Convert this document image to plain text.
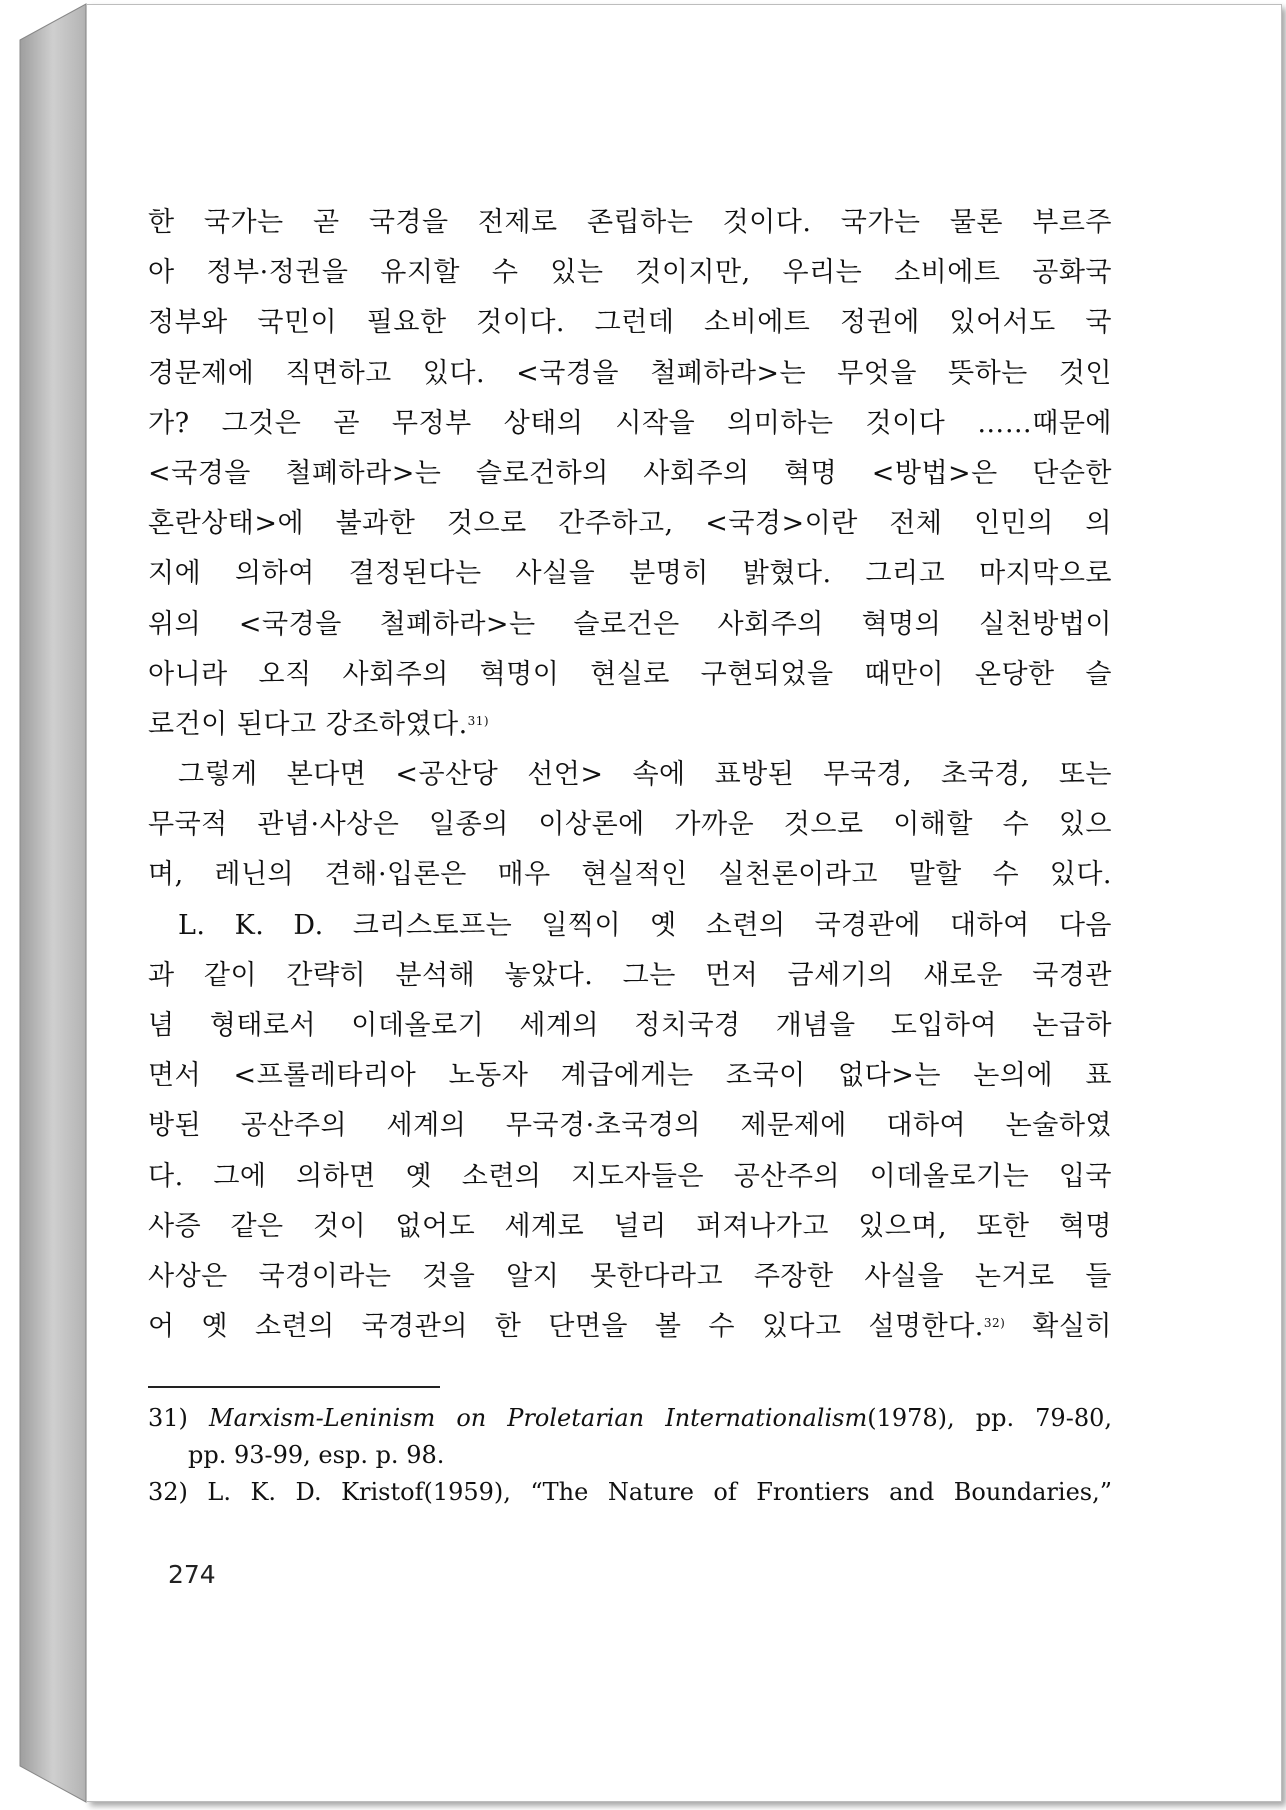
한 국가는 곧 국경을 전제로 존립하는 것이다. 국가는 물론 부르주
아 정부·정권을 유지할 수 있는 것이지만, 우리는 소비에트 공화국
정부와 국민이 필요한 것이다. 그런데 소비에트 정권에 있어서도 국
경문제에 직면하고 있다. <국경을 철폐하라>는 무엇을 뜻하는 것인
가? 그것은 곧 무정부 상태의 시작을 의미하는 것이다 ……때문에
<국경을 철폐하라>는 슬로건하의 사회주의 혁명 <방법>은 단순한
혼란상태>에 불과한 것으로 간주하고, <국경>이란 전체 인민의 의
지에 의하여 결정된다는 사실을 분명히 밝혔다. 그리고 마지막으로
위의 <국경을 철폐하라>는 슬로건은 사회주의 혁명의 실천방법이
아니라 오직 사회주의 혁명이 현실로 구현되었을 때만이 온당한 슬
로건이 된다고 강조하였다.$^{31)}$
그렇게 본다면 <공산당 선언> 속에 표방된 무국경, 초국경, 또는
무국적 관념·사상은 일종의 이상론에 가까운 것으로 이해할 수 있으
며, 레닌의 견해·입론은 매우 현실적인 실천론이라고 말할 수 있다.
L. K. D. 크리스토프는 일찍이 옛 소련의 국경관에 대하여 다음
과 같이 간략히 분석해 놓았다. 그는 먼저 금세기의 새로운 국경관
념 형태로서 이데올로기 세계의 정치국경 개념을 도입하여 논급하
면서 <프롤레타리아 노동자 계급에게는 조국이 없다>는 논의에 표
방된 공산주의 세계의 무국경·초국경의 제문제에 대하여 논술하였
다. 그에 의하면 옛 소련의 지도자들은 공산주의 이데올로기는 입국
사증 같은 것이 없어도 세계로 널리 퍼져나가고 있으며, 또한 혁명
사상은 국경이라는 것을 알지 못한다라고 주장한 사실을 논거로 들
어 옛 소련의 국경관의 한 단면을 볼 수 있다고 설명한다.$^{32)}$ 확실히
31) Marxism-Leninism on Proletarian Internationalism(1978), pp. 79-80,
pp. 93-99, esp. p. 98.
32) L. K. D. Kristof(1959), “The Nature of Frontiers and Boundaries,”
274
